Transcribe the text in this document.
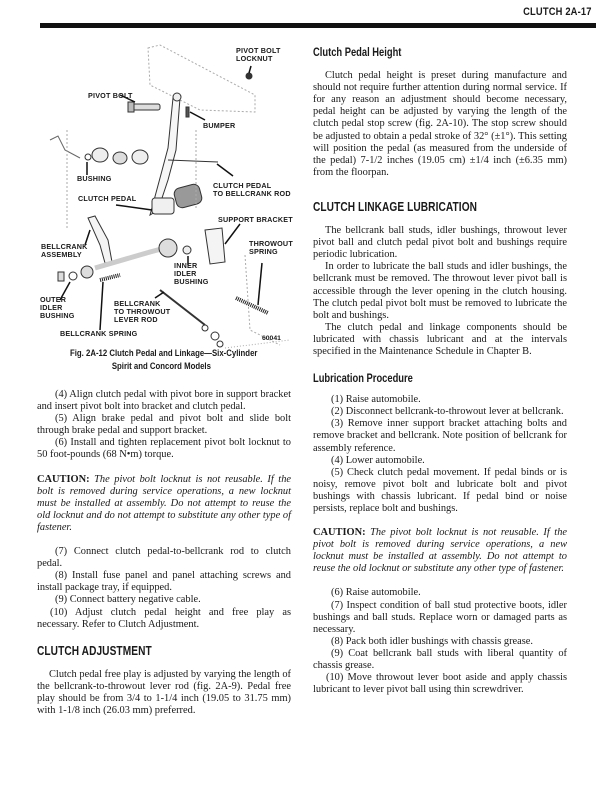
CLUTCH 2A-17
PIVOT BOLT
LOCKNUT
PIVOT BOLT
BUMPER
BUSHING
CLUTCH PEDAL
TO BELLCRANK ROD
CLUTCH PEDAL
SUPPORT BRACKET
BELLCRANK
ASSEMBLY
THROWOUT
SPRING
INNER
IDLER
BUSHING
OUTER
IDLER
BUSHING
BELLCRANK
TO THROWOUT
LEVER ROD
BELLCRANK SPRING
60041
Fig. 2A-12 Clutch Pedal and Linkage—Six-Cylinder
Spirit and Concord Models

(4) Align clutch pedal with pivot bore in support bracket and insert pivot bolt into bracket and clutch pedal.

(5) Align brake pedal and pivot bolt and slide bolt through brake pedal and support bracket.

(6) Install and tighten replacement pivot bolt locknut to 50 foot-pounds (68 N•m) torque.

CAUTION: The pivot bolt locknut is not reusable. If the bolt is removed during service operations, a new locknut must be installed at assembly. Do not attempt to reuse the old locknut and do not attempt to substitute any other type of fastener.

(7) Connect clutch pedal-to-bellcrank rod to clutch pedal.

(8) Install fuse panel and panel attaching screws and install package tray, if equipped.

(9) Connect battery negative cable.

(10) Adjust clutch pedal height and free play as necessary. Refer to Clutch Adjustment.

CLUTCH ADJUSTMENT

Clutch pedal free play is adjusted by varying the length of the bellcrank-to-throwout lever rod (fig. 2A-9). Pedal free play should be from 3/4 to 1-1/4 inch (19.05 to 31.75 mm) with 1-1/8 inch (26.03 mm) preferred.

Clutch Pedal Height

Clutch pedal height is preset during manufacture and should not require further attention during normal service. If for any reason an adjustment should become necessary, pedal height can be adjusted by varying the length of the clutch pedal stop screw (fig. 2A-10). The stop screw should be adjusted to obtain a pedal stroke of 32° (±1°). This setting will position the pedal (as measured from the underside of the pedal) 7-1/2 inches (19.05 cm) ±1/4 inch (±6.35 mm) from the floorpan.

CLUTCH LINKAGE LUBRICATION

The bellcrank ball studs, idler bushings, throwout lever pivot ball and clutch pedal pivot bolt and bushings require periodic lubrication.

In order to lubricate the ball studs and idler bushings, the bellcrank must be removed. The throwout lever pivot ball is accessible through the lever opening in the clutch housing. The clutch pedal pivot bolt must be removed to lubricate the bolt and bushings.

The clutch pedal and linkage components should be lubricated with chassis lubricant and at the intervals specified in the Maintenance Schedule in Chapter B.

Lubrication Procedure

(1) Raise automobile.

(2) Disconnect bellcrank-to-throwout lever at bellcrank.

(3) Remove inner support bracket attaching bolts and remove bracket and bellcrank. Note position of bellcrank for assembly reference.

(4) Lower automobile.

(5) Check clutch pedal movement. If pedal binds or is noisy, remove pivot bolt and lubricate bolt and pivot bushings with chassis lubricant. If pedal bind or noise persists, replace bolt and bushings.

CAUTION: The pivot bolt locknut is not reusable. If the pivot bolt is removed during service operations, a new locknut must be installed at assembly. Do not attempt to reuse the old locknut or substitute any other type of fastener.

(6) Raise automobile.

(7) Inspect condition of ball stud protective boots, idler bushings and ball studs. Replace worn or damaged parts as necessary.

(8) Pack both idler bushings with chassis grease.

(9) Coat bellcrank ball studs with liberal quantity of chassis grease.

(10) Move throwout lever boot aside and apply chassis lubricant to lever pivot ball using thin screwdriver.
